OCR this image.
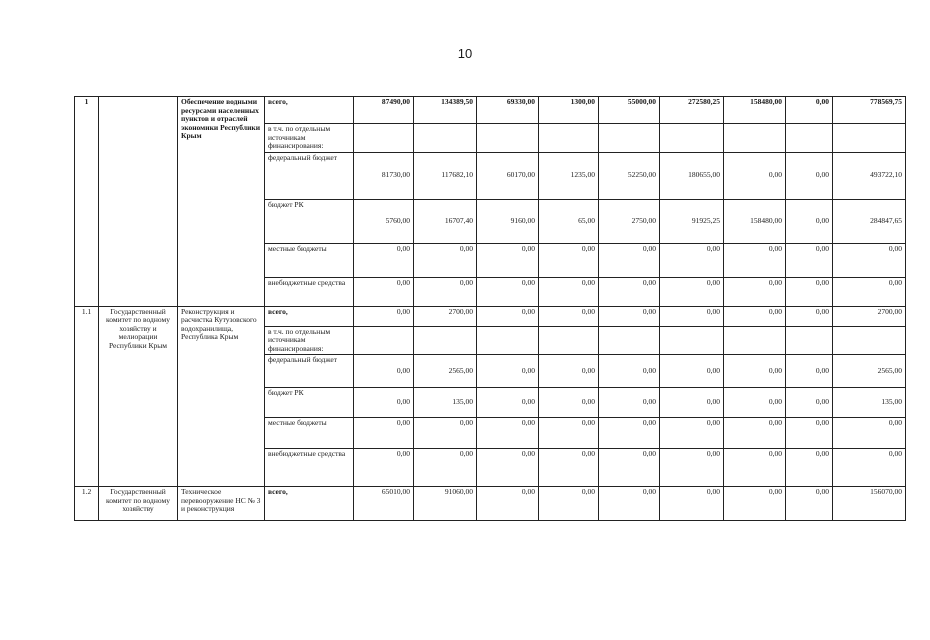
10
1		Обеспечение водными ресурсами населенных пунктов и отраслей экономики Республики Крым	всего,	87490,00	134389,50	69330,00	1300,00	55000,00	272580,25	158480,00	0,00	778569,75
			в т.ч. по отдельным источникам финансирования:									
			федеральный бюджет	81730,00	117682,10	60170,00	1235,00	52250,00	180655,00	0,00	0,00	493722,10
			бюджет РК	5760,00	16707,40	9160,00	65,00	2750,00	91925,25	158480,00	0,00	284847,65
			местные бюджеты	0,00	0,00	0,00	0,00	0,00	0,00	0,00	0,00	0,00
			внебюджетные средства	0,00	0,00	0,00	0,00	0,00	0,00	0,00	0,00	0,00
1.1	Государственный комитет по водному хозяйству и мелиорации Республики Крым	Реконструкция и расчистка Кутузовского водохранилища, Республика Крым	всего,	0,00	2700,00	0,00	0,00	0,00	0,00	0,00	0,00	2700,00
			в т.ч. по отдельным источникам финансирования:									
			федеральный бюджет	0,00	2565,00	0,00	0,00	0,00	0,00	0,00	0,00	2565,00
			бюджет РК	0,00	135,00	0,00	0,00	0,00	0,00	0,00	0,00	135,00
			местные бюджеты	0,00	0,00	0,00	0,00	0,00	0,00	0,00	0,00	0,00
			внебюджетные средства	0,00	0,00	0,00	0,00	0,00	0,00	0,00	0,00	0,00
1.2	Государственный комитет по водному хозяйству	Техническое перевооружение НС № 3 и реконструкция	всего,	65010,00	91060,00	0,00	0,00	0,00	0,00	0,00	0,00	156070,00
